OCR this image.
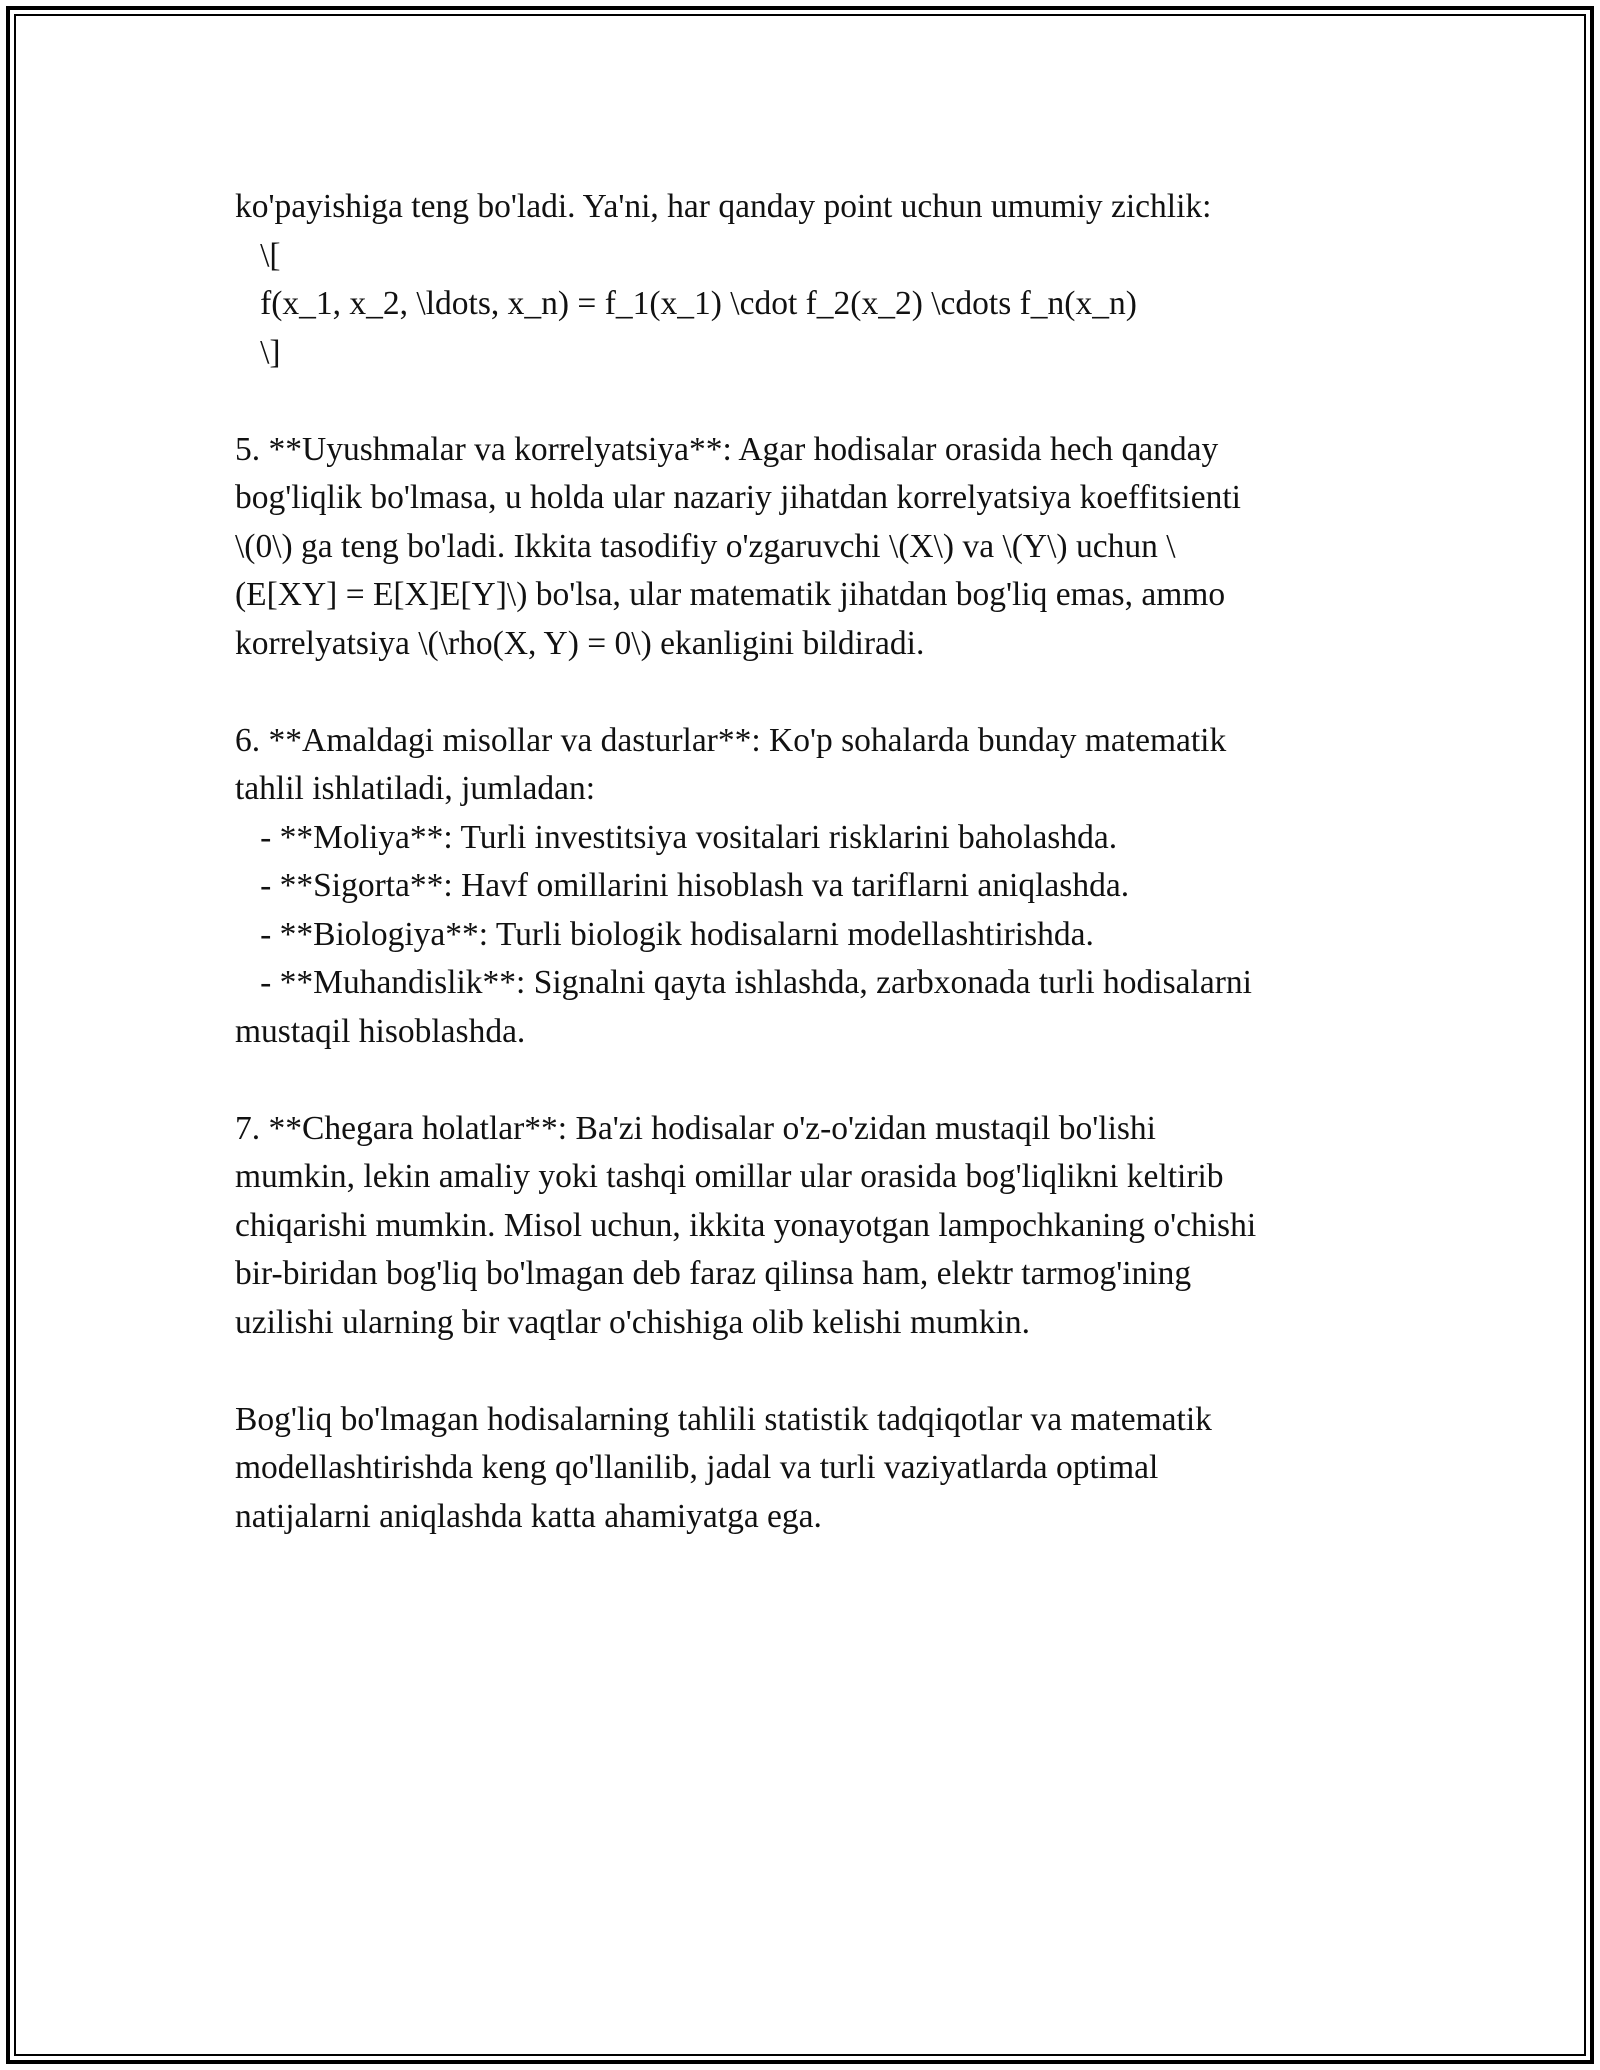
ko'payishiga teng bo'ladi. Ya'ni, har qanday point uchun umumiy zichlik:
\[
f(x_1, x_2, \ldots, x_n) = f_1(x_1) \cdot f_2(x_2) \cdots f_n(x_n)
\]
5. **Uyushmalar va korrelyatsiya**: Agar hodisalar orasida hech qanday
bog'liqlik bo'lmasa, u holda ular nazariy jihatdan korrelyatsiya koeffitsienti
\(0\) ga teng bo'ladi. Ikkita tasodifiy o'zgaruvchi \(X\) va \(Y\) uchun \
(E[XY] = E[X]E[Y]\) bo'lsa, ular matematik jihatdan bog'liq emas, ammo
korrelyatsiya \(\rho(X, Y) = 0\) ekanligini bildiradi.
6. **Amaldagi misollar va dasturlar**: Ko'p sohalarda bunday matematik
tahlil ishlatiladi, jumladan:
- **Moliya**: Turli investitsiya vositalari risklarini baholashda.
- **Sigorta**: Havf omillarini hisoblash va tariflarni aniqlashda.
- **Biologiya**: Turli biologik hodisalarni modellashtirishda.
- **Muhandislik**: Signalni qayta ishlashda, zarbxonada turli hodisalarni
mustaqil hisoblashda.
7. **Chegara holatlar**: Ba'zi hodisalar o'z-o'zidan mustaqil bo'lishi
mumkin, lekin amaliy yoki tashqi omillar ular orasida bog'liqlikni keltirib
chiqarishi mumkin. Misol uchun, ikkita yonayotgan lampochkaning o'chishi
bir-biridan bog'liq bo'lmagan deb faraz qilinsa ham, elektr tarmog'ining
uzilishi ularning bir vaqtlar o'chishiga olib kelishi mumkin.
Bog'liq bo'lmagan hodisalarning tahlili statistik tadqiqotlar va matematik
modellashtirishda keng qo'llanilib, jadal va turli vaziyatlarda optimal
natijalarni aniqlashda katta ahamiyatga ega.
